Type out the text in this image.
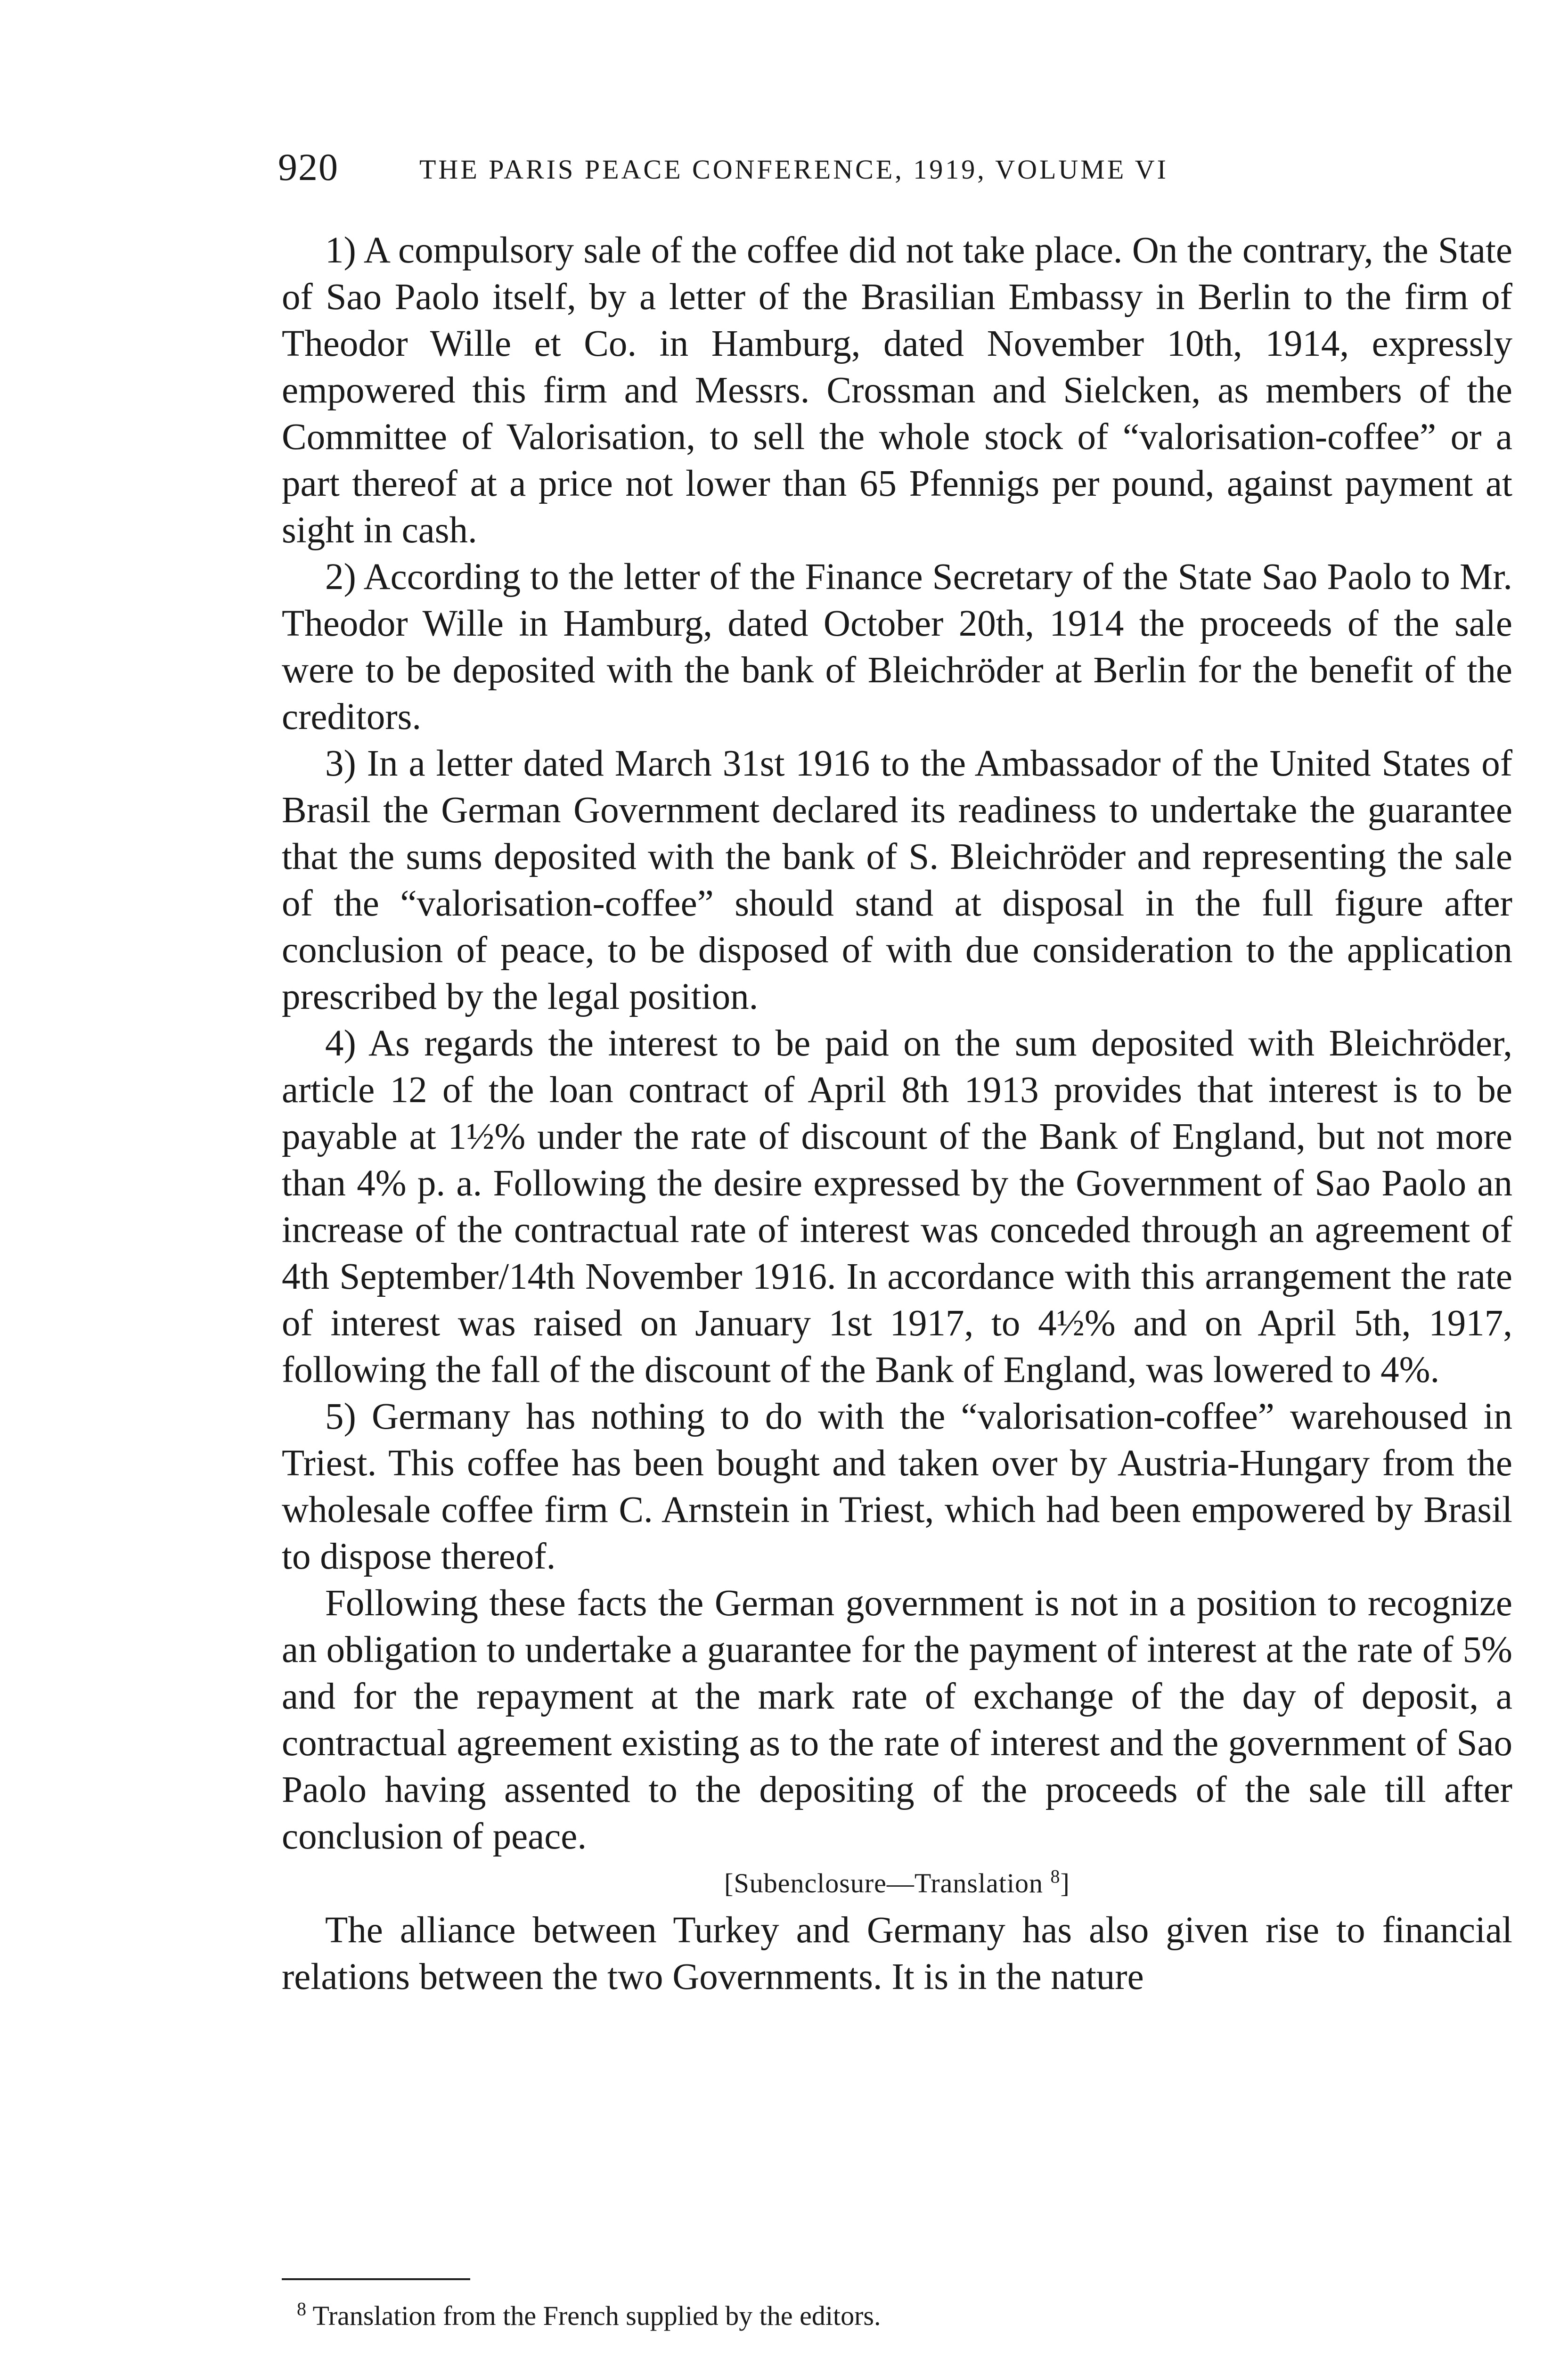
920	THE PARIS PEACE CONFERENCE, 1919, VOLUME VI

1) A compulsory sale of the coffee did not take place. On the contrary, the State of Sao Paolo itself, by a letter of the Brasilian Embassy in Berlin to the firm of Theodor Wille et Co. in Hamburg, dated November 10th, 1914, expressly empowered this firm and Messrs. Crossman and Sielcken, as members of the Committee of Valorisation, to sell the whole stock of “valorisation-coffee” or a part thereof at a price not lower than 65 Pfennigs per pound, against payment at sight in cash.

2) According to the letter of the Finance Secretary of the State Sao Paolo to Mr. Theodor Wille in Hamburg, dated October 20th, 1914 the proceeds of the sale were to be deposited with the bank of Bleichröder at Berlin for the benefit of the creditors.

3) In a letter dated March 31st 1916 to the Ambassador of the United States of Brasil the German Government declared its readiness to undertake the guarantee that the sums deposited with the bank of S. Bleichröder and representing the sale of the “valorisation-coffee” should stand at disposal in the full figure after conclusion of peace, to be disposed of with due consideration to the application prescribed by the legal position.

4) As regards the interest to be paid on the sum deposited with Bleichröder, article 12 of the loan contract of April 8th 1913 provides that interest is to be payable at 1½% under the rate of discount of the Bank of England, but not more than 4% p. a. Following the desire expressed by the Government of Sao Paolo an increase of the contractual rate of interest was conceded through an agreement of 4th September/14th November 1916. In accordance with this arrangement the rate of interest was raised on January 1st 1917, to 4½% and on April 5th, 1917, following the fall of the discount of the Bank of England, was lowered to 4%.

5) Germany has nothing to do with the “valorisation-coffee” warehoused in Triest. This coffee has been bought and taken over by Austria-Hungary from the wholesale coffee firm C. Arnstein in Triest, which had been empowered by Brasil to dispose thereof.

Following these facts the German government is not in a position to recognize an obligation to undertake a guarantee for the payment of interest at the rate of 5% and for the repayment at the mark rate of exchange of the day of deposit, a contractual agreement existing as to the rate of interest and the government of Sao Paolo having assented to the depositing of the proceeds of the sale till after conclusion of peace.

[Subenclosure—Translation $^8$]

The alliance between Turkey and Germany has also given rise to financial relations between the two Governments. It is in the nature

$^8$ Translation from the French supplied by the editors.
